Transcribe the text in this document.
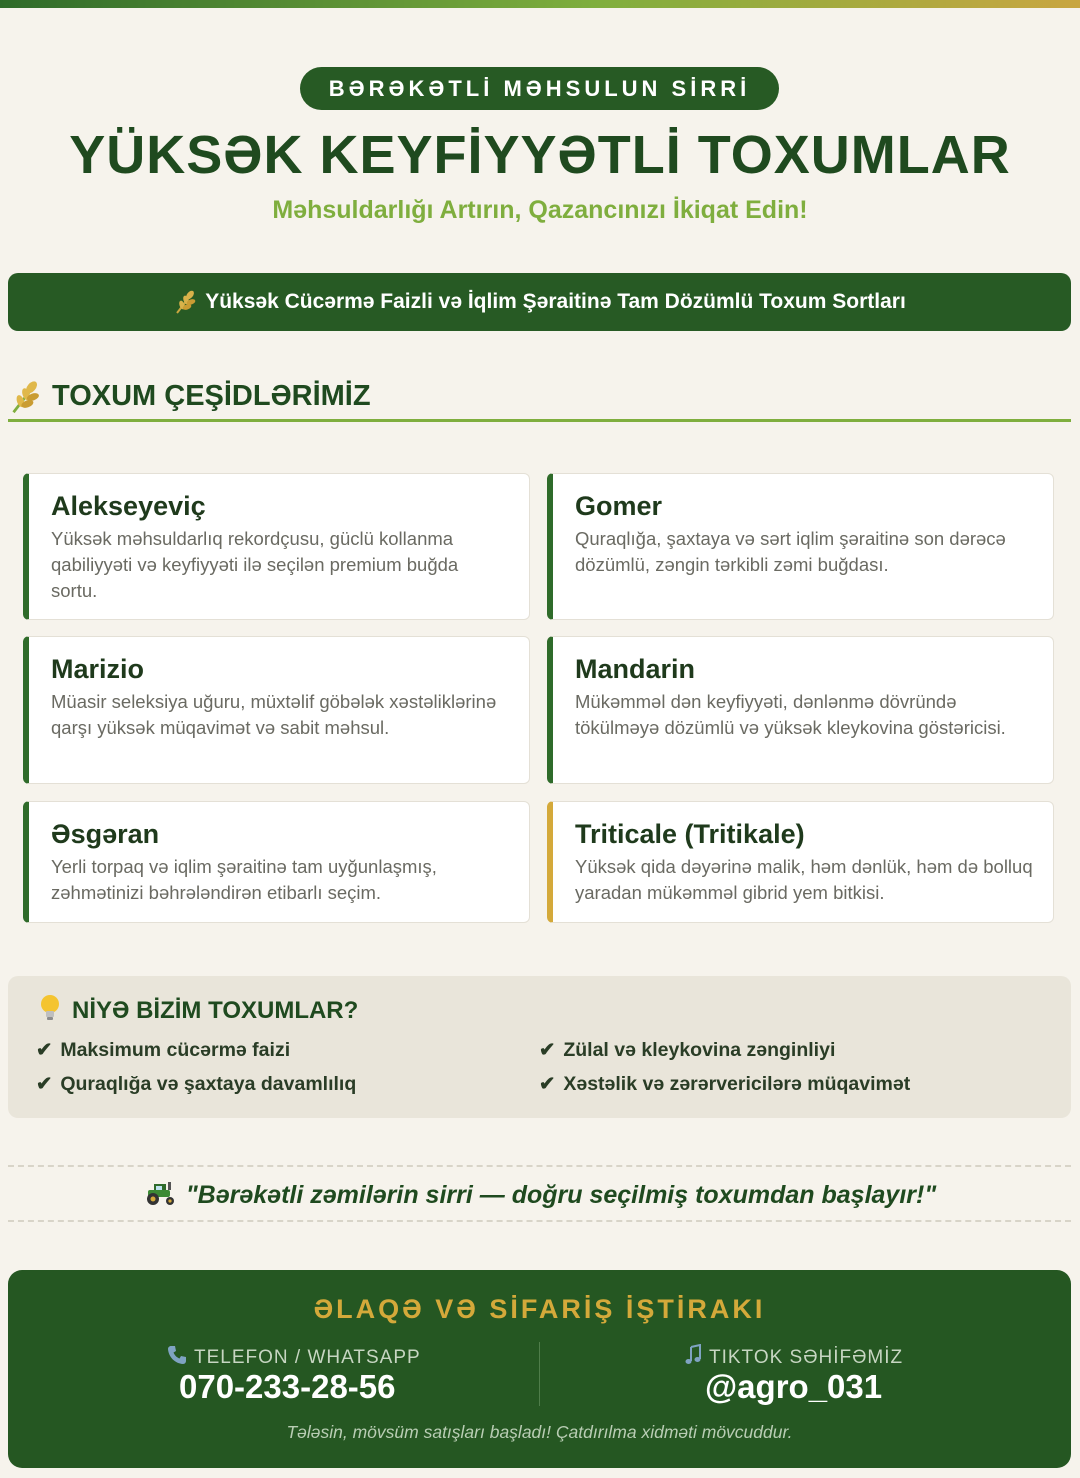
BƏRƏKƏTLİ MƏHSULUN SİRRİ
YÜKSƏK KEYFİYYƏTLİ TOXUMLAR
Məhsuldarlığı Artırın, Qazancınızı İkiqat Edin!
Yüksək Cücərmə Faizli və İqlim Şəraitinə Tam Dözümlü Toxum Sortları
TOXUM ÇEŞİDLƏRİMİZ
Alekseyeviç
Yüksək məhsuldarlıq rekordçusu, güclü kollanma qabiliyyəti və keyfiyyəti ilə seçilən premium buğda sortu.
Gomer
Quraqlığa, şaxtaya və sərt iqlim şəraitinə son dərəcə dözümlü, zəngin tərkibli zəmi buğdası.
Marizio
Müasir seleksiya uğuru, müxtəlif göbələk xəstəliklərinə qarşı yüksək müqavimət və sabit məhsul.
Mandarin
Mükəmməl dən keyfiyyəti, dənlənmə dövründə tökülməyə dözümlü və yüksək kleykovina göstəricisi.
Əsgəran
Yerli torpaq və iqlim şəraitinə tam uyğunlaşmış, zəhmətinizi bəhrələndirən etibarlı seçim.
Triticale (Tritikale)
Yüksək qida dəyərinə malik, həm dənlük, həm də bolluq yaradan mükəmməl gibrid yem bitkisi.
NİYƏ BİZİM TOXUMLAR?
✔ Maksimum cücərmə faizi	✔ Zülal və kleykovina zənginliyi
✔ Quraqlığa və şaxtaya davamlılıq	✔ Xəstəlik və zərərvericilərə müqavimət
"Bərəkətli zəmilərin sirri — doğru seçilmiş toxumdan başlayır!"
ƏLAQƏ VƏ SİFARİŞ İŞTİRAKI
TELEFON / WHATSAPP
070-233-28-56
TIKTOK SƏHİFƏMİZ
@agro_031
Tələsin, mövsüm satışları başladı! Çatdırılma xidməti mövcuddur.
